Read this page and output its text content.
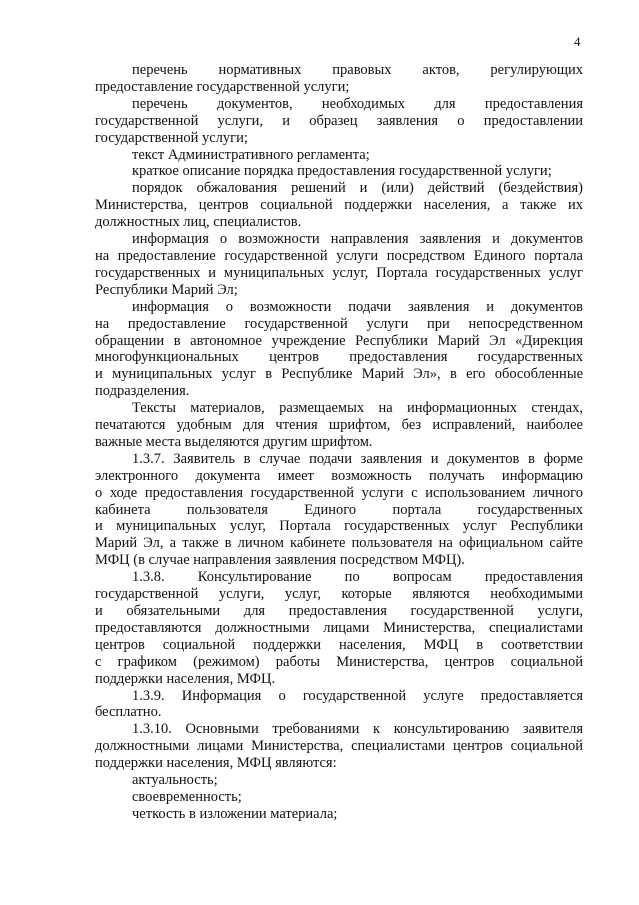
4
перечень нормативных правовых актов, регулирующих
предоставление государственной услуги;
перечень документов, необходимых для предоставления
государственной услуги, и образец заявления о предоставлении
государственной услуги;
текст Административного регламента;
краткое описание порядка предоставления государственной услуги;
порядок обжалования решений и (или) действий (бездействия)
Министерства, центров социальной поддержки населения, а также их
должностных лиц, специалистов.
информация о возможности направления заявления и документов
на предоставление государственной услуги посредством Единого портала
государственных и муниципальных услуг, Портала государственных услуг
Республики Марий Эл;
информация о возможности подачи заявления и документов
на предоставление государственной услуги при непосредственном
обращении в автономное учреждение Республики Марий Эл «Дирекция
многофункциональных центров предоставления государственных
и муниципальных услуг в Республике Марий Эл», в его обособленные
подразделения.
Тексты материалов, размещаемых на информационных стендах,
печатаются удобным для чтения шрифтом, без исправлений, наиболее
важные места выделяются другим шрифтом.
1.3.7. Заявитель в случае подачи заявления и документов в форме
электронного документа имеет возможность получать информацию
о ходе предоставления государственной услуги с использованием личного
кабинета пользователя Единого портала государственных
и муниципальных услуг, Портала государственных услуг Республики
Марий Эл, а также в личном кабинете пользователя на официальном сайте
МФЦ (в случае направления заявления посредством МФЦ).
1.3.8. Консультирование по вопросам предоставления
государственной услуги, услуг, которые являются необходимыми
и обязательными для предоставления государственной услуги,
предоставляются должностными лицами Министерства, специалистами
центров социальной поддержки населения, МФЦ в соответствии
с графиком (режимом) работы Министерства, центров социальной
поддержки населения, МФЦ.
1.3.9. Информация о государственной услуге предоставляется
бесплатно.
1.3.10. Основными требованиями к консультированию заявителя
должностными лицами Министерства, специалистами центров социальной
поддержки населения, МФЦ являются:
актуальность;
своевременность;
четкость в изложении материала;
